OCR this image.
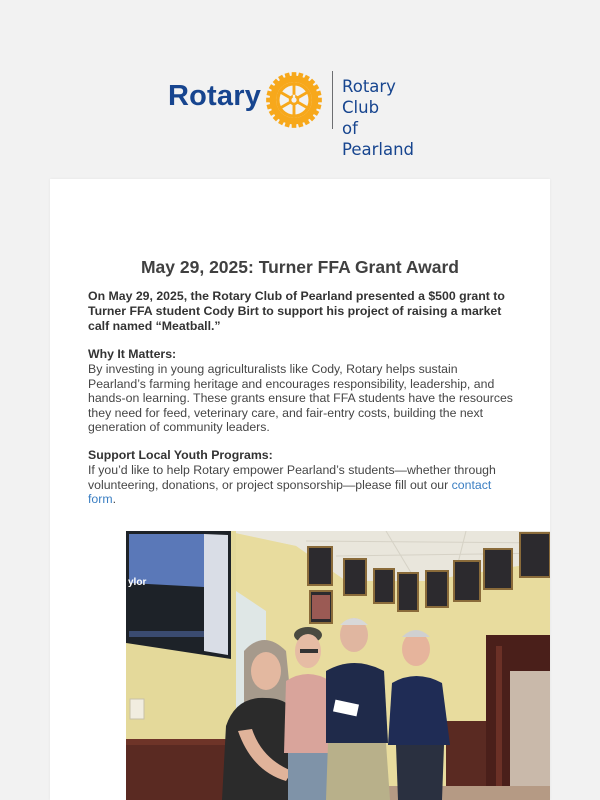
Rotary	Rotary Club
of Pearland
May 29, 2025: Turner FFA Grant Award
On May 29, 2025, the Rotary Club of Pearland presented a $500 grant to Turner FFA student Cody Birt to support his project of raising a market calf named “Meatball.”
Why It Matters:

By investing in young agriculturalists like Cody, Rotary helps sustain Pearland’s farming heritage and encourages responsibility, leadership, and hands-on learning. These grants ensure that FFA students have the resources they need for feed, veterinary care, and fair-entry costs, building the next generation of community leaders.

Support Local Youth Programs:

If you’d like to help Rotary empower Pearland’s students—whether through volunteering, donations, or project sponsorship—please fill out our contact form.

ylor
